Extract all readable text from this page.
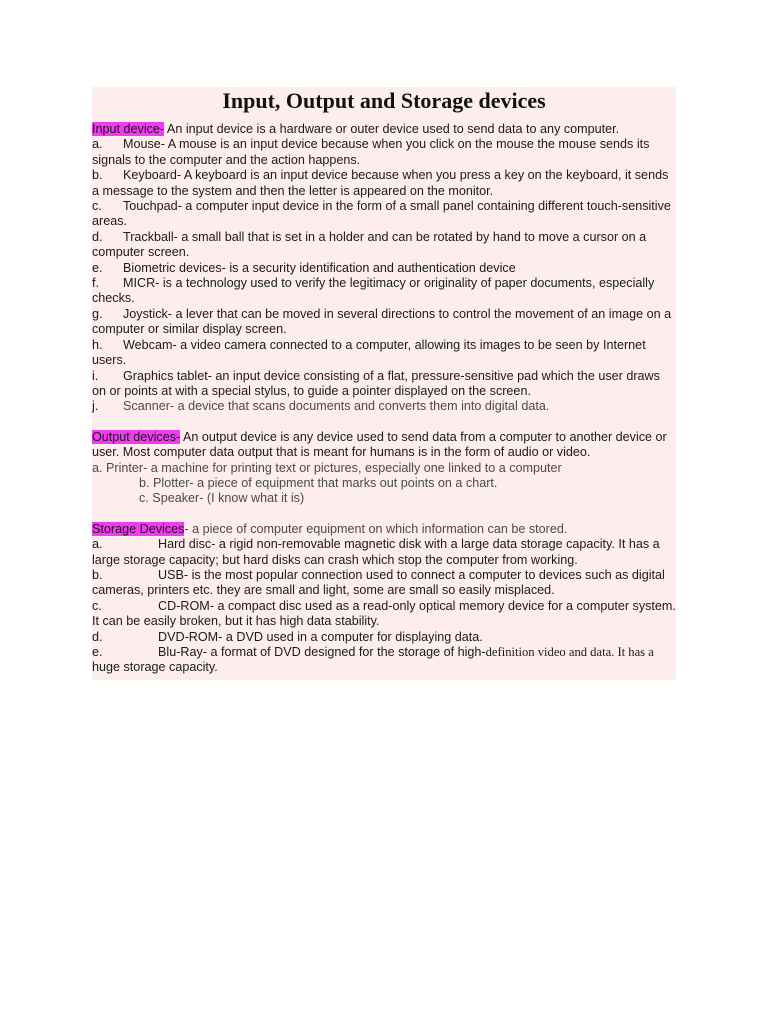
Input, Output and Storage devices
Input device- An input device is a hardware or outer device used to send data to any computer.
a. Mouse- A mouse is an input device because when you click on the mouse the mouse sends its signals to the computer and the action happens.
b. Keyboard- A keyboard is an input device because when you press a key on the keyboard, it sends a message to the system and then the letter is appeared on the monitor.
c. Touchpad- a computer input device in the form of a small panel containing different touch-sensitive areas.
d. Trackball- a small ball that is set in a holder and can be rotated by hand to move a cursor on a computer screen.
e. Biometric devices- is a security identification and authentication device
f. MICR- is a technology used to verify the legitimacy or originality of paper documents, especially checks.
g. Joystick- a lever that can be moved in several directions to control the movement of an image on a computer or similar display screen.
h. Webcam- a video camera connected to a computer, allowing its images to be seen by Internet users.
i. Graphics tablet- an input device consisting of a flat, pressure-sensitive pad which the user draws on or points at with a special stylus, to guide a pointer displayed on the screen.
j. Scanner- a device that scans documents and converts them into digital data.
Output devices- An output device is any device used to send data from a computer to another device or user. Most computer data output that is meant for humans is in the form of audio or video.
a. Printer- a machine for printing text or pictures, especially one linked to a computer
b. Plotter- a piece of equipment that marks out points on a chart.
c. Speaker- (I know what it is)
Storage Devices- a piece of computer equipment on which information can be stored.
a.	Hard disc- a rigid non-removable magnetic disk with a large data storage capacity. It has a large storage capacity; but hard disks can crash which stop the computer from working.
b.	USB- is the most popular connection used to connect a computer to devices such as digital cameras, printers etc. they are small and light, some are small so easily misplaced.
c.	CD-ROM- a compact disc used as a read-only optical memory device for a computer system. It can be easily broken, but it has high data stability.
d.	DVD-ROM- a DVD used in a computer for displaying data.
e.	Blu-Ray- a format of DVD designed for the storage of high-definition video and data. It has a huge storage capacity.
